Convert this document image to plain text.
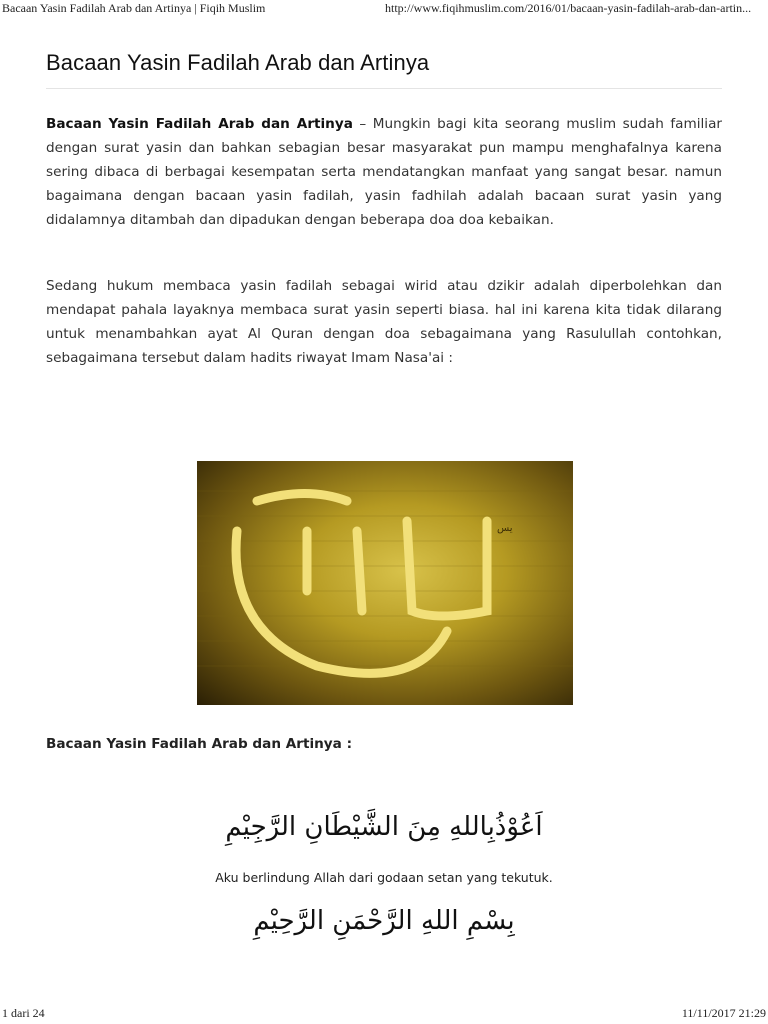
Bacaan Yasin Fadilah Arab dan Artinya | Fiqih Muslim	http://www.fiqihmuslim.com/2016/01/bacaan-yasin-fadilah-arab-dan-artin...
Bacaan Yasin Fadilah Arab dan Artinya

Bacaan Yasin Fadilah Arab dan Artinya – Mungkin bagi kita seorang muslim sudah familiar dengan surat yasin dan bahkan sebagian besar masyarakat pun mampu menghafalnya karena sering dibaca di berbagai kesempatan serta mendatangkan manfaat yang sangat besar. namun bagaimana dengan bacaan yasin fadilah, yasin fadhilah adalah bacaan surat yasin yang didalamnya ditambah dan dipadukan dengan beberapa doa doa kebaikan.

Sedang hukum membaca yasin fadilah sebagai wirid atau dzikir adalah diperbolehkan dan mendapat pahala layaknya membaca surat yasin seperti biasa. hal ini karena kita tidak dilarang untuk menambahkan ayat Al Quran dengan doa sebagaimana yang Rasulullah contohkan, sebagaimana tersebut dalam hadits riwayat Imam Nasa'ai :

يس
Bacaan Yasin Fadilah Arab dan Artinya :
اَعُوْذُبِاللهِ مِنَ الشَّيْطَانِ الرَّجِيْمِ
Aku berlindung Allah dari godaan setan yang tekutuk.
بِسْمِ اللهِ الرَّحْمَنِ الرَّحِيْمِ
1 dari 24	11/11/2017 21:29
